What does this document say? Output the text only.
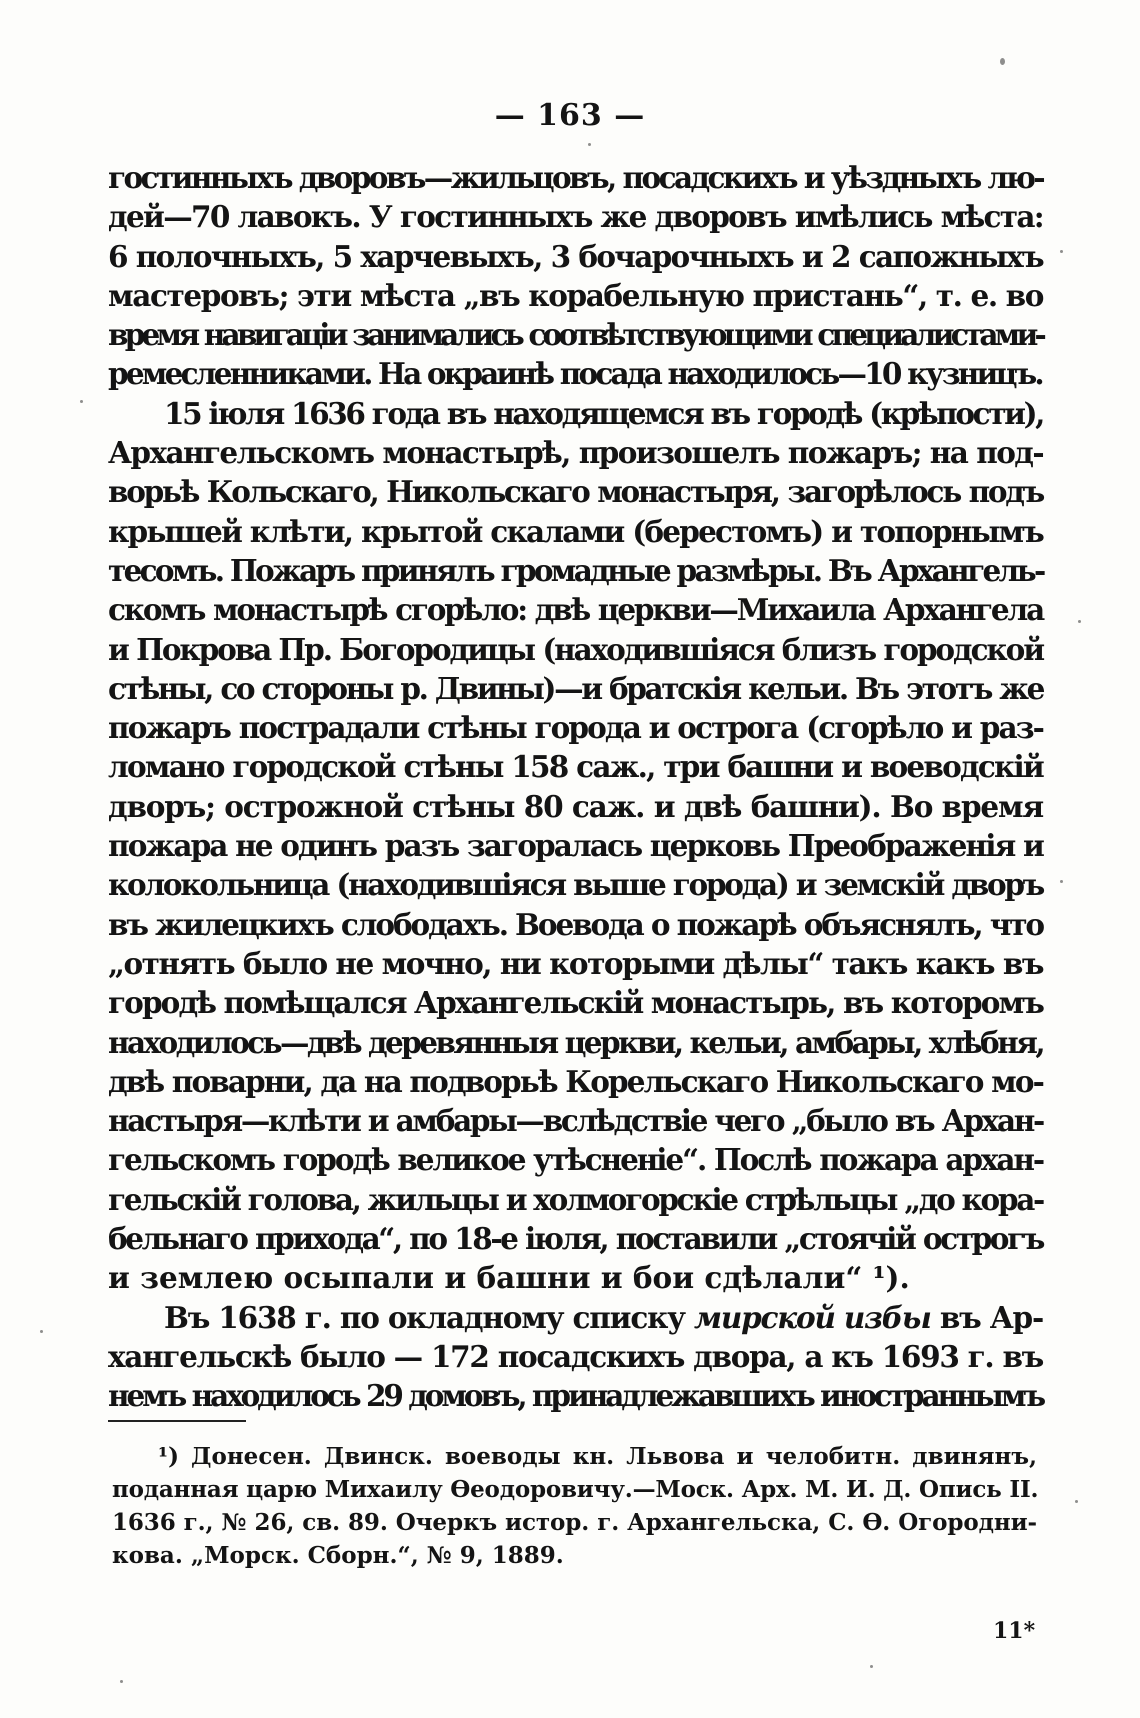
— 163 —
гостинныхъ дворовъ—жильцовъ, посадскихъ и уѣздныхъ лю-
дей—70 лавокъ. У гостинныхъ же дворовъ имѣлись мѣста:
6 полочныхъ, 5 харчевыхъ, 3 бочарочныхъ и 2 сапожныхъ
мастеровъ; эти мѣста „въ корабельную пристань“, т. е. во
время навигаціи занимались соотвѣтствующими специалистами-
ремесленниками. На окраинѣ посада находилось—10 кузницъ.
15 іюля 1636 года въ находящемся въ городѣ (крѣпости),
Архангельскомъ монастырѣ, произошелъ пожаръ; на под-
ворьѣ Кольскаго, Никольскаго монастыря, загорѣлось подъ
крышей клѣти, крытой скалами (берестомъ) и топорнымъ
тесомъ. Пожаръ принялъ громадные размѣры. Въ Архангель-
скомъ монастырѣ сгорѣло: двѣ церкви—Михаила Архангела
и Покрова Пр. Богородицы (находившіяся близъ городской
стѣны, со стороны р. Двины)—и братскія кельи. Въ этотъ же
пожаръ пострадали стѣны города и острога (сгорѣло и раз-
ломано городской стѣны 158 саж., три башни и воеводскій
дворъ; острожной стѣны 80 саж. и двѣ башни). Во время
пожара не одинъ разъ загоралась церковь Преображенія и
колокольница (находившіяся выше города) и земскій дворъ
въ жилецкихъ слободахъ. Воевода о пожарѣ объяснялъ, что
„отнять было не мочно, ни которыми дѣлы“ такъ какъ въ
городѣ помѣщался Архангельскій монастырь, въ которомъ
находилось—двѣ деревянныя церкви, кельи, амбары, хлѣбня,
двѣ поварни, да на подворьѣ Корельскаго Никольскаго мо-
настыря—клѣти и амбары—вслѣдствіе чего „было въ Архан-
гельскомъ городѣ великое утѣсненіе“. Послѣ пожара архан-
гельскій голова, жильцы и холмогорскіе стрѣльцы „до кора-
бельнаго прихода“, по 18-е іюля, поставили „стоячій острогъ
и землею осыпали и башни и бои сдѣлали“ ¹).
Въ 1638 г. по окладному списку мирской избы въ Ар-
хангельскѣ было — 172 посадскихъ двора, а къ 1693 г. въ
немъ находилось 29 домовъ, принадлежавшихъ иностраннымъ
¹) Донесен. Двинск. воеводы кн. Львова и челобитн. двинянъ,
поданная царю Михаилу Ѳеодоровичу.—Моск. Арх. М. И. Д. Опись II.
1636 г., № 26, св. 89. Очеркъ истор. г. Архангельска, С. Ѳ. Огородни-
кова. „Морск. Сборн.“, № 9, 1889.
11*
